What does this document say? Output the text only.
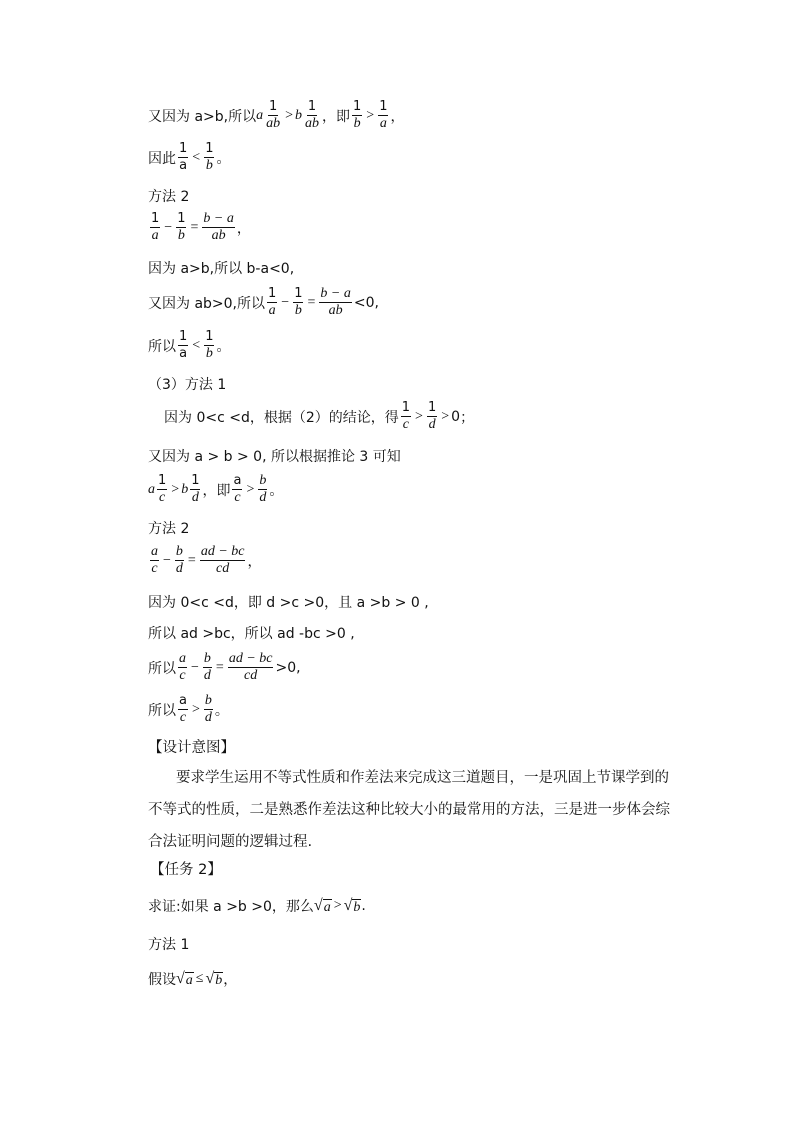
又因为 a>b,所以 a $\frac{1}{ab} > b \frac{1}{ab}$ ，即 $\frac{1}{b} > \frac{1}{a}$ ，
因此 $\frac{1}{a} < \frac{1}{b}$ 。
方法 2
$\frac{1}{a} - \frac{1}{b} = \frac{b - a}{ab}$ ，
因为 a>b,所以 b-a<0,
又因为 ab>0,所以 $\frac{1}{a} - \frac{1}{b} = \frac{b - a}{ab} <0$,
所以 $\frac{1}{a} < \frac{1}{b}$ 。
（3）方法 1
因为 0<c <d，根据（2）的结论，得 $\frac{1}{c} > \frac{1}{d} > 0$ ；
又因为 a > b > 0, 所以根据推论 3 可知
a $\frac{1}{c} > b \frac{1}{d}$ ，即 $\frac{a}{c} > \frac{b}{d}$ 。
方法 2
$\frac{a}{c} - \frac{b}{d} = \frac{ad - bc}{cd}$ ，
因为 0<c <d，即 d >c >0，且 a >b > 0 ,
所以 ad >bc，所以 ad -bc >0 ,
所以 $\frac{a}{c} - \frac{b}{d} = \frac{ad - bc}{cd} >0$,
所以 $\frac{a}{c} > \frac{b}{d}$ 。
【设计意图】
要求学生运用不等式性质和作差法来完成这三道题目，一是巩固上节课学到的不等式的性质，二是熟悉作差法这种比较大小的最常用的方法，三是进一步体会综合法证明问题的逻辑过程.
【任务 2】
求证:如果 a >b >0，那么 √ a > √ b .
方法 1
假设 √ a ≤ √ b ，
